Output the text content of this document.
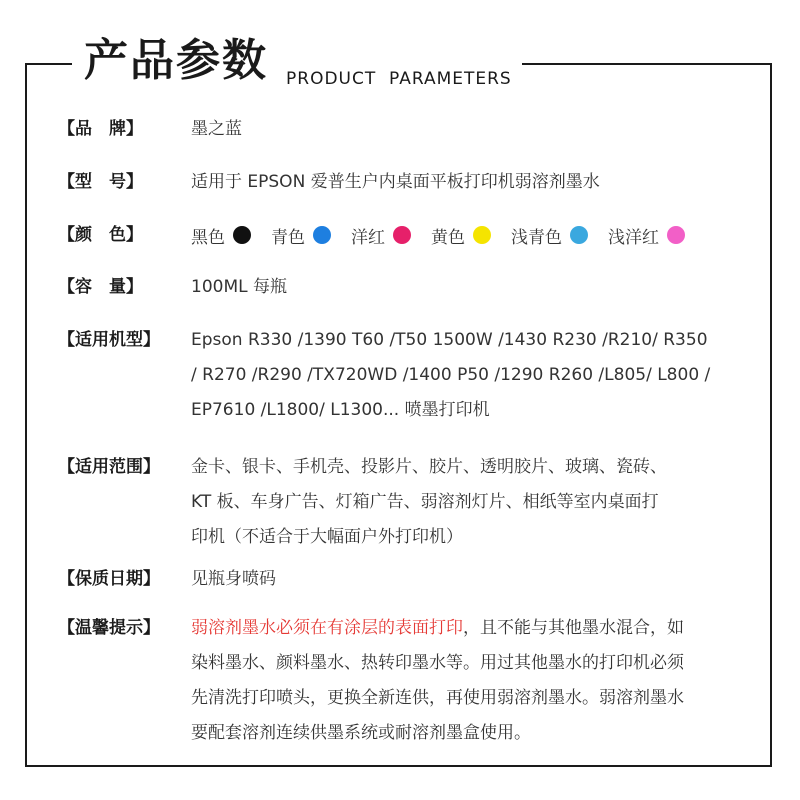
产品参数 PRODUCT  PARAMETERS
【品　牌】	墨之蓝
【型　号】	适用于 EPSON 爱普生户内桌面平板打印机弱溶剂墨水
【颜　色】	黑色	青色	洋红	黄色	浅青色	浅洋红
【容　量】	100ML 每瓶
【适用机型】	Epson R330 /1390 T60 /T50 1500W /1430 R230 /R210/ R350
/ R270 /R290 /TX720WD /1400 P50 /1290 R260 /L805/ L800 /
EP7610 /L1800/ L1300... 喷墨打印机
【适用范围】	金卡、银卡、手机壳、投影片、胶片、透明胶片、玻璃、瓷砖、
KT 板、车身广告、灯箱广告、弱溶剂灯片、相纸等室内桌面打
印机（不适合于大幅面户外打印机）
【保质日期】	见瓶身喷码
【温馨提示】	弱溶剂墨水必须在有涂层的表面打印，且不能与其他墨水混合，如
染料墨水、颜料墨水、热转印墨水等。用过其他墨水的打印机必须
先清洗打印喷头，更换全新连供，再使用弱溶剂墨水。弱溶剂墨水
要配套溶剂连续供墨系统或耐溶剂墨盒使用。
